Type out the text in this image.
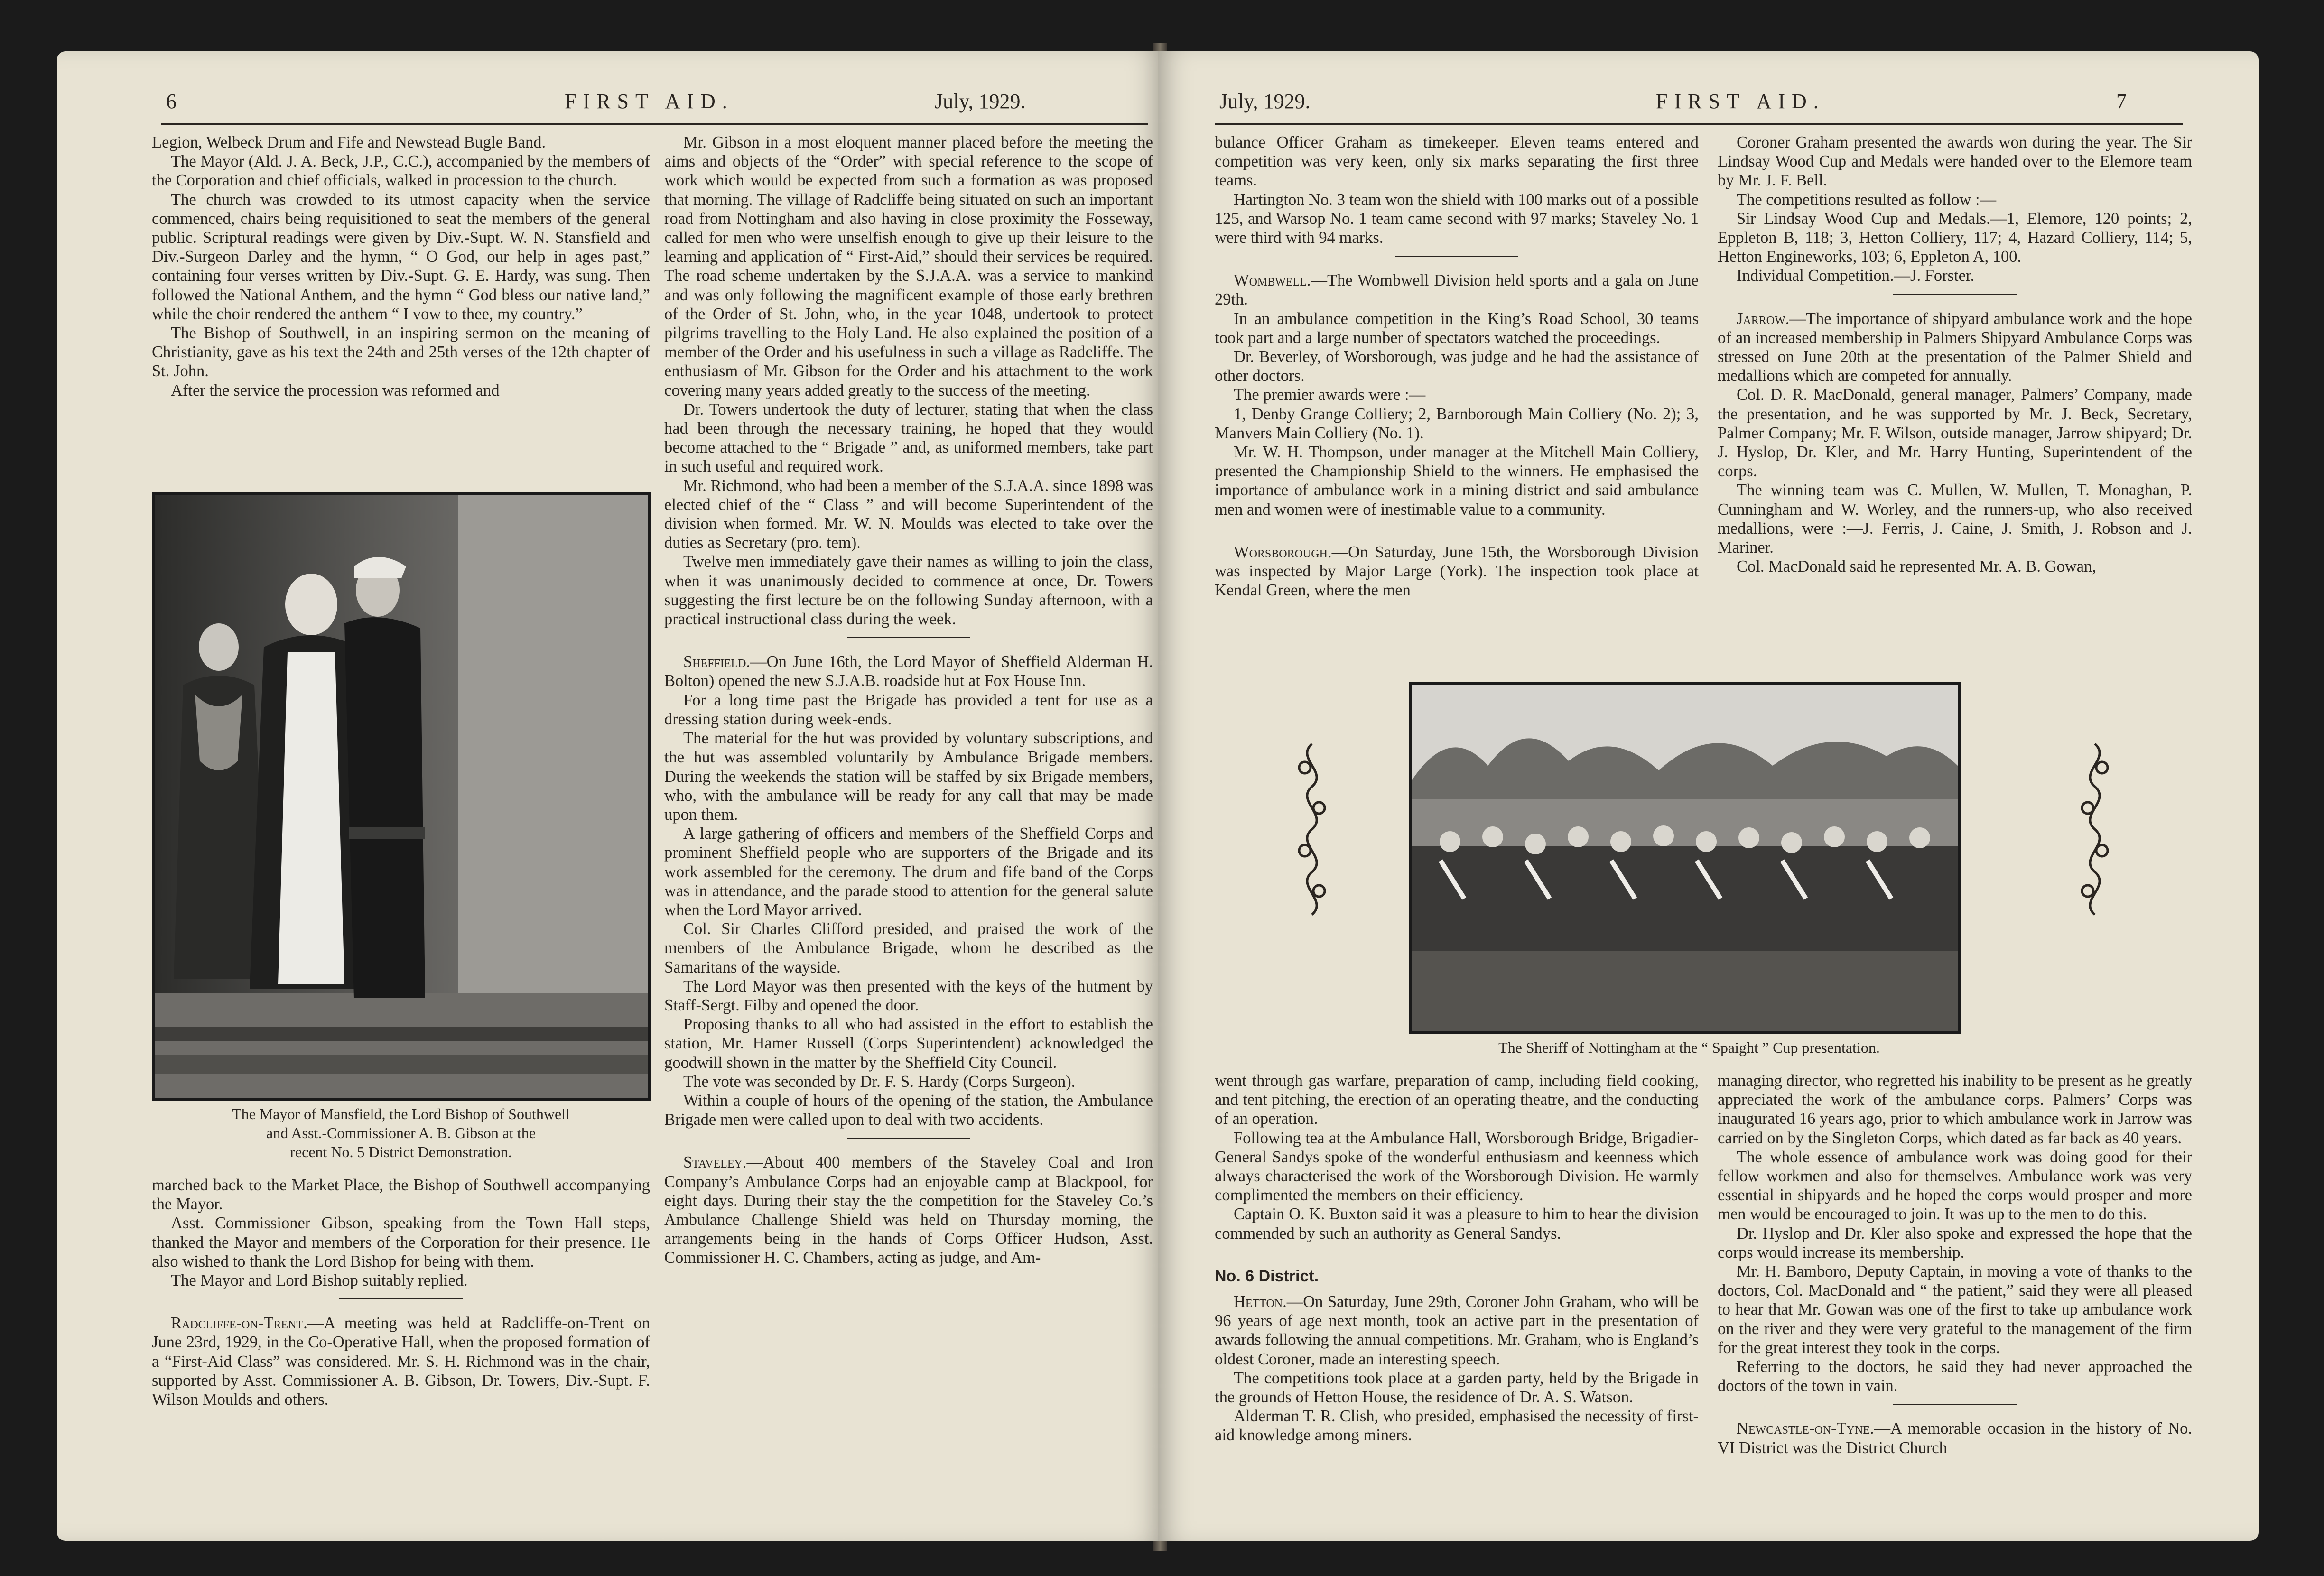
6	FIRST AID.	July, 1929.

Legion, Welbeck Drum and Fife and Newstead Bugle Band.

The Mayor (Ald. J. A. Beck, J.P., C.C.), accompanied by the members of the Corporation and chief officials, walked in procession to the church.

The church was crowded to its utmost capacity when the service commenced, chairs being requisitioned to seat the members of the general public. Scriptural readings were given by Div.-Supt. W. N. Stansfield and Div.-Surgeon Darley and the hymn, “ O God, our help in ages past,” containing four verses written by Div.-Supt. G. E. Hardy, was sung. Then followed the National Anthem, and the hymn “ God bless our native land,” while the choir rendered the anthem “ I vow to thee, my country.”

The Bishop of Southwell, in an inspiring sermon on the meaning of Christianity, gave as his text the 24th and 25th verses of the 12th chapter of St. John.

After the service the procession was reformed and

The Mayor of Mansfield, the Lord Bishop of Southwell
and Asst.-Commissioner A. B. Gibson at the
recent No. 5 District Demonstration.

marched back to the Market Place, the Bishop of Southwell accompanying the Mayor.

Asst. Commissioner Gibson, speaking from the Town Hall steps, thanked the Mayor and members of the Corporation for their presence. He also wished to thank the Lord Bishop for being with them.

The Mayor and Lord Bishop suitably replied.

Radcliffe-on-Trent.—A meeting was held at Radcliffe-on-Trent on June 23rd, 1929, in the Co-Operative Hall, when the proposed formation of a “First-Aid Class” was considered. Mr. S. H. Richmond was in the chair, supported by Asst. Commissioner A. B. Gibson, Dr. Towers, Div.-Supt. F. Wilson Moulds and others.

Mr. Gibson in a most eloquent manner placed before the meeting the aims and objects of the “Order” with special reference to the scope of work which would be expected from such a formation as was proposed that morning. The village of Radcliffe being situated on such an important road from Nottingham and also having in close proximity the Fosseway, called for men who were unselfish enough to give up their leisure to the learning and application of “ First-Aid,” should their services be required. The road scheme undertaken by the S.J.A.A. was a service to mankind and was only following the magnificent example of those early brethren of the Order of St. John, who, in the year 1048, undertook to protect pilgrims travelling to the Holy Land. He also explained the position of a member of the Order and his usefulness in such a village as Radcliffe. The enthusiasm of Mr. Gibson for the Order and his attachment to the work covering many years added greatly to the success of the meeting.

Dr. Towers undertook the duty of lecturer, stating that when the class had been through the necessary training, he hoped that they would become attached to the “ Brigade ” and, as uniformed members, take part in such useful and required work.

Mr. Richmond, who had been a member of the S.J.A.A. since 1898 was elected chief of the “ Class ” and will become Superintendent of the division when formed. Mr. W. N. Moulds was elected to take over the duties as Secretary (pro. tem).

Twelve men immediately gave their names as willing to join the class, when it was unanimously decided to commence at once, Dr. Towers suggesting the first lecture be on the following Sunday afternoon, with a practical instructional class during the week.

Sheffield.—On June 16th, the Lord Mayor of Sheffield Alderman H. Bolton) opened the new S.J.A.B. roadside hut at Fox House Inn.

For a long time past the Brigade has provided a tent for use as a dressing station during week-ends.

The material for the hut was provided by voluntary subscriptions, and the hut was assembled voluntarily by Ambulance Brigade members. During the weekends the station will be staffed by six Brigade members, who, with the ambulance will be ready for any call that may be made upon them.

A large gathering of officers and members of the Sheffield Corps and prominent Sheffield people who are supporters of the Brigade and its work assembled for the ceremony. The drum and fife band of the Corps was in attendance, and the parade stood to attention for the general salute when the Lord Mayor arrived.

Col. Sir Charles Clifford presided, and praised the work of the members of the Ambulance Brigade, whom he described as the Samaritans of the wayside.

The Lord Mayor was then presented with the keys of the hutment by Staff-Sergt. Filby and opened the door.

Proposing thanks to all who had assisted in the effort to establish the station, Mr. Hamer Russell (Corps Superintendent) acknowledged the goodwill shown in the matter by the Sheffield City Council.

The vote was seconded by Dr. F. S. Hardy (Corps Surgeon).

Within a couple of hours of the opening of the station, the Ambulance Brigade men were called upon to deal with two accidents.

Staveley.—About 400 members of the Staveley Coal and Iron Company’s Ambulance Corps had an enjoyable camp at Blackpool, for eight days. During their stay the the competition for the Staveley Co.’s Ambulance Challenge Shield was held on Thursday morning, the arrangements being in the hands of Corps Officer Hudson, Asst. Commissioner H. C. Chambers, acting as judge, and Am-

July, 1929.	FIRST AID.	7

bulance Officer Graham as timekeeper. Eleven teams entered and competition was very keen, only six marks separating the first three teams.

Hartington No. 3 team won the shield with 100 marks out of a possible 125, and Warsop No. 1 team came second with 97 marks; Staveley No. 1 were third with 94 marks.

Wombwell.—The Wombwell Division held sports and a gala on June 29th.

In an ambulance competition in the King’s Road School, 30 teams took part and a large number of spectators watched the proceedings.

Dr. Beverley, of Worsborough, was judge and he had the assistance of other doctors.

The premier awards were :—

1, Denby Grange Colliery; 2, Barnborough Main Colliery (No. 2); 3, Manvers Main Colliery (No. 1).

Mr. W. H. Thompson, under manager at the Mitchell Main Colliery, presented the Championship Shield to the winners. He emphasised the importance of ambulance work in a mining district and said ambulance men and women were of inestimable value to a community.

Worsborough.—On Saturday, June 15th, the Worsborough Division was inspected by Major Large (York). The inspection took place at Kendal Green, where the men

Coroner Graham presented the awards won during the year. The Sir Lindsay Wood Cup and Medals were handed over to the Elemore team by Mr. J. F. Bell.

The competitions resulted as follow :—

Sir Lindsay Wood Cup and Medals.—1, Elemore, 120 points; 2, Eppleton B, 118; 3, Hetton Colliery, 117; 4, Hazard Colliery, 114; 5, Hetton Engineworks, 103; 6, Eppleton A, 100.

Individual Competition.—J. Forster.

Jarrow.—The importance of shipyard ambulance work and the hope of an increased membership in Palmers Shipyard Ambulance Corps was stressed on June 20th at the presentation of the Palmer Shield and medallions which are competed for annually.

Col. D. R. MacDonald, general manager, Palmers’ Company, made the presentation, and he was supported by Mr. J. Beck, Secretary, Palmer Company; Mr. F. Wilson, outside manager, Jarrow shipyard; Dr. J. Hyslop, Dr. Kler, and Mr. Harry Hunting, Superintendent of the corps.

The winning team was C. Mullen, W. Mullen, T. Monaghan, P. Cunningham and W. Worley, and the runners-up, who also received medallions, were :—J. Ferris, J. Caine, J. Smith, J. Robson and J. Mariner.

Col. MacDonald said he represented Mr. A. B. Gowan,

The Sheriff of Nottingham at the “ Spaight ” Cup presentation.

went through gas warfare, preparation of camp, including field cooking, and tent pitching, the erection of an operating theatre, and the conducting of an operation.

Following tea at the Ambulance Hall, Worsborough Bridge, Brigadier-General Sandys spoke of the wonderful enthusiasm and keenness which always characterised the work of the Worsborough Division. He warmly complimented the members on their efficiency.

Captain O. K. Buxton said it was a pleasure to him to hear the division commended by such an authority as General Sandys.

No. 6 District.

Hetton.—On Saturday, June 29th, Coroner John Graham, who will be 96 years of age next month, took an active part in the presentation of awards following the annual competitions. Mr. Graham, who is England’s oldest Coroner, made an interesting speech.

The competitions took place at a garden party, held by the Brigade in the grounds of Hetton House, the residence of Dr. A. S. Watson.

Alderman T. R. Clish, who presided, emphasised the necessity of first-aid knowledge among miners.

managing director, who regretted his inability to be present as he greatly appreciated the work of the ambulance corps. Palmers’ Corps was inaugurated 16 years ago, prior to which ambulance work in Jarrow was carried on by the Singleton Corps, which dated as far back as 40 years.

The whole essence of ambulance work was doing good for their fellow workmen and also for themselves. Ambulance work was very essential in shipyards and he hoped the corps would prosper and more men would be encouraged to join. It was up to the men to do this.

Dr. Hyslop and Dr. Kler also spoke and expressed the hope that the corps would increase its membership.

Mr. H. Bamboro, Deputy Captain, in moving a vote of thanks to the doctors, Col. MacDonald and “ the patient,” said they were all pleased to hear that Mr. Gowan was one of the first to take up ambulance work on the river and they were very grateful to the management of the firm for the great interest they took in the corps.

Referring to the doctors, he said they had never approached the doctors of the town in vain.

Newcastle-on-Tyne.—A memorable occasion in the history of No. VI District was the District Church
